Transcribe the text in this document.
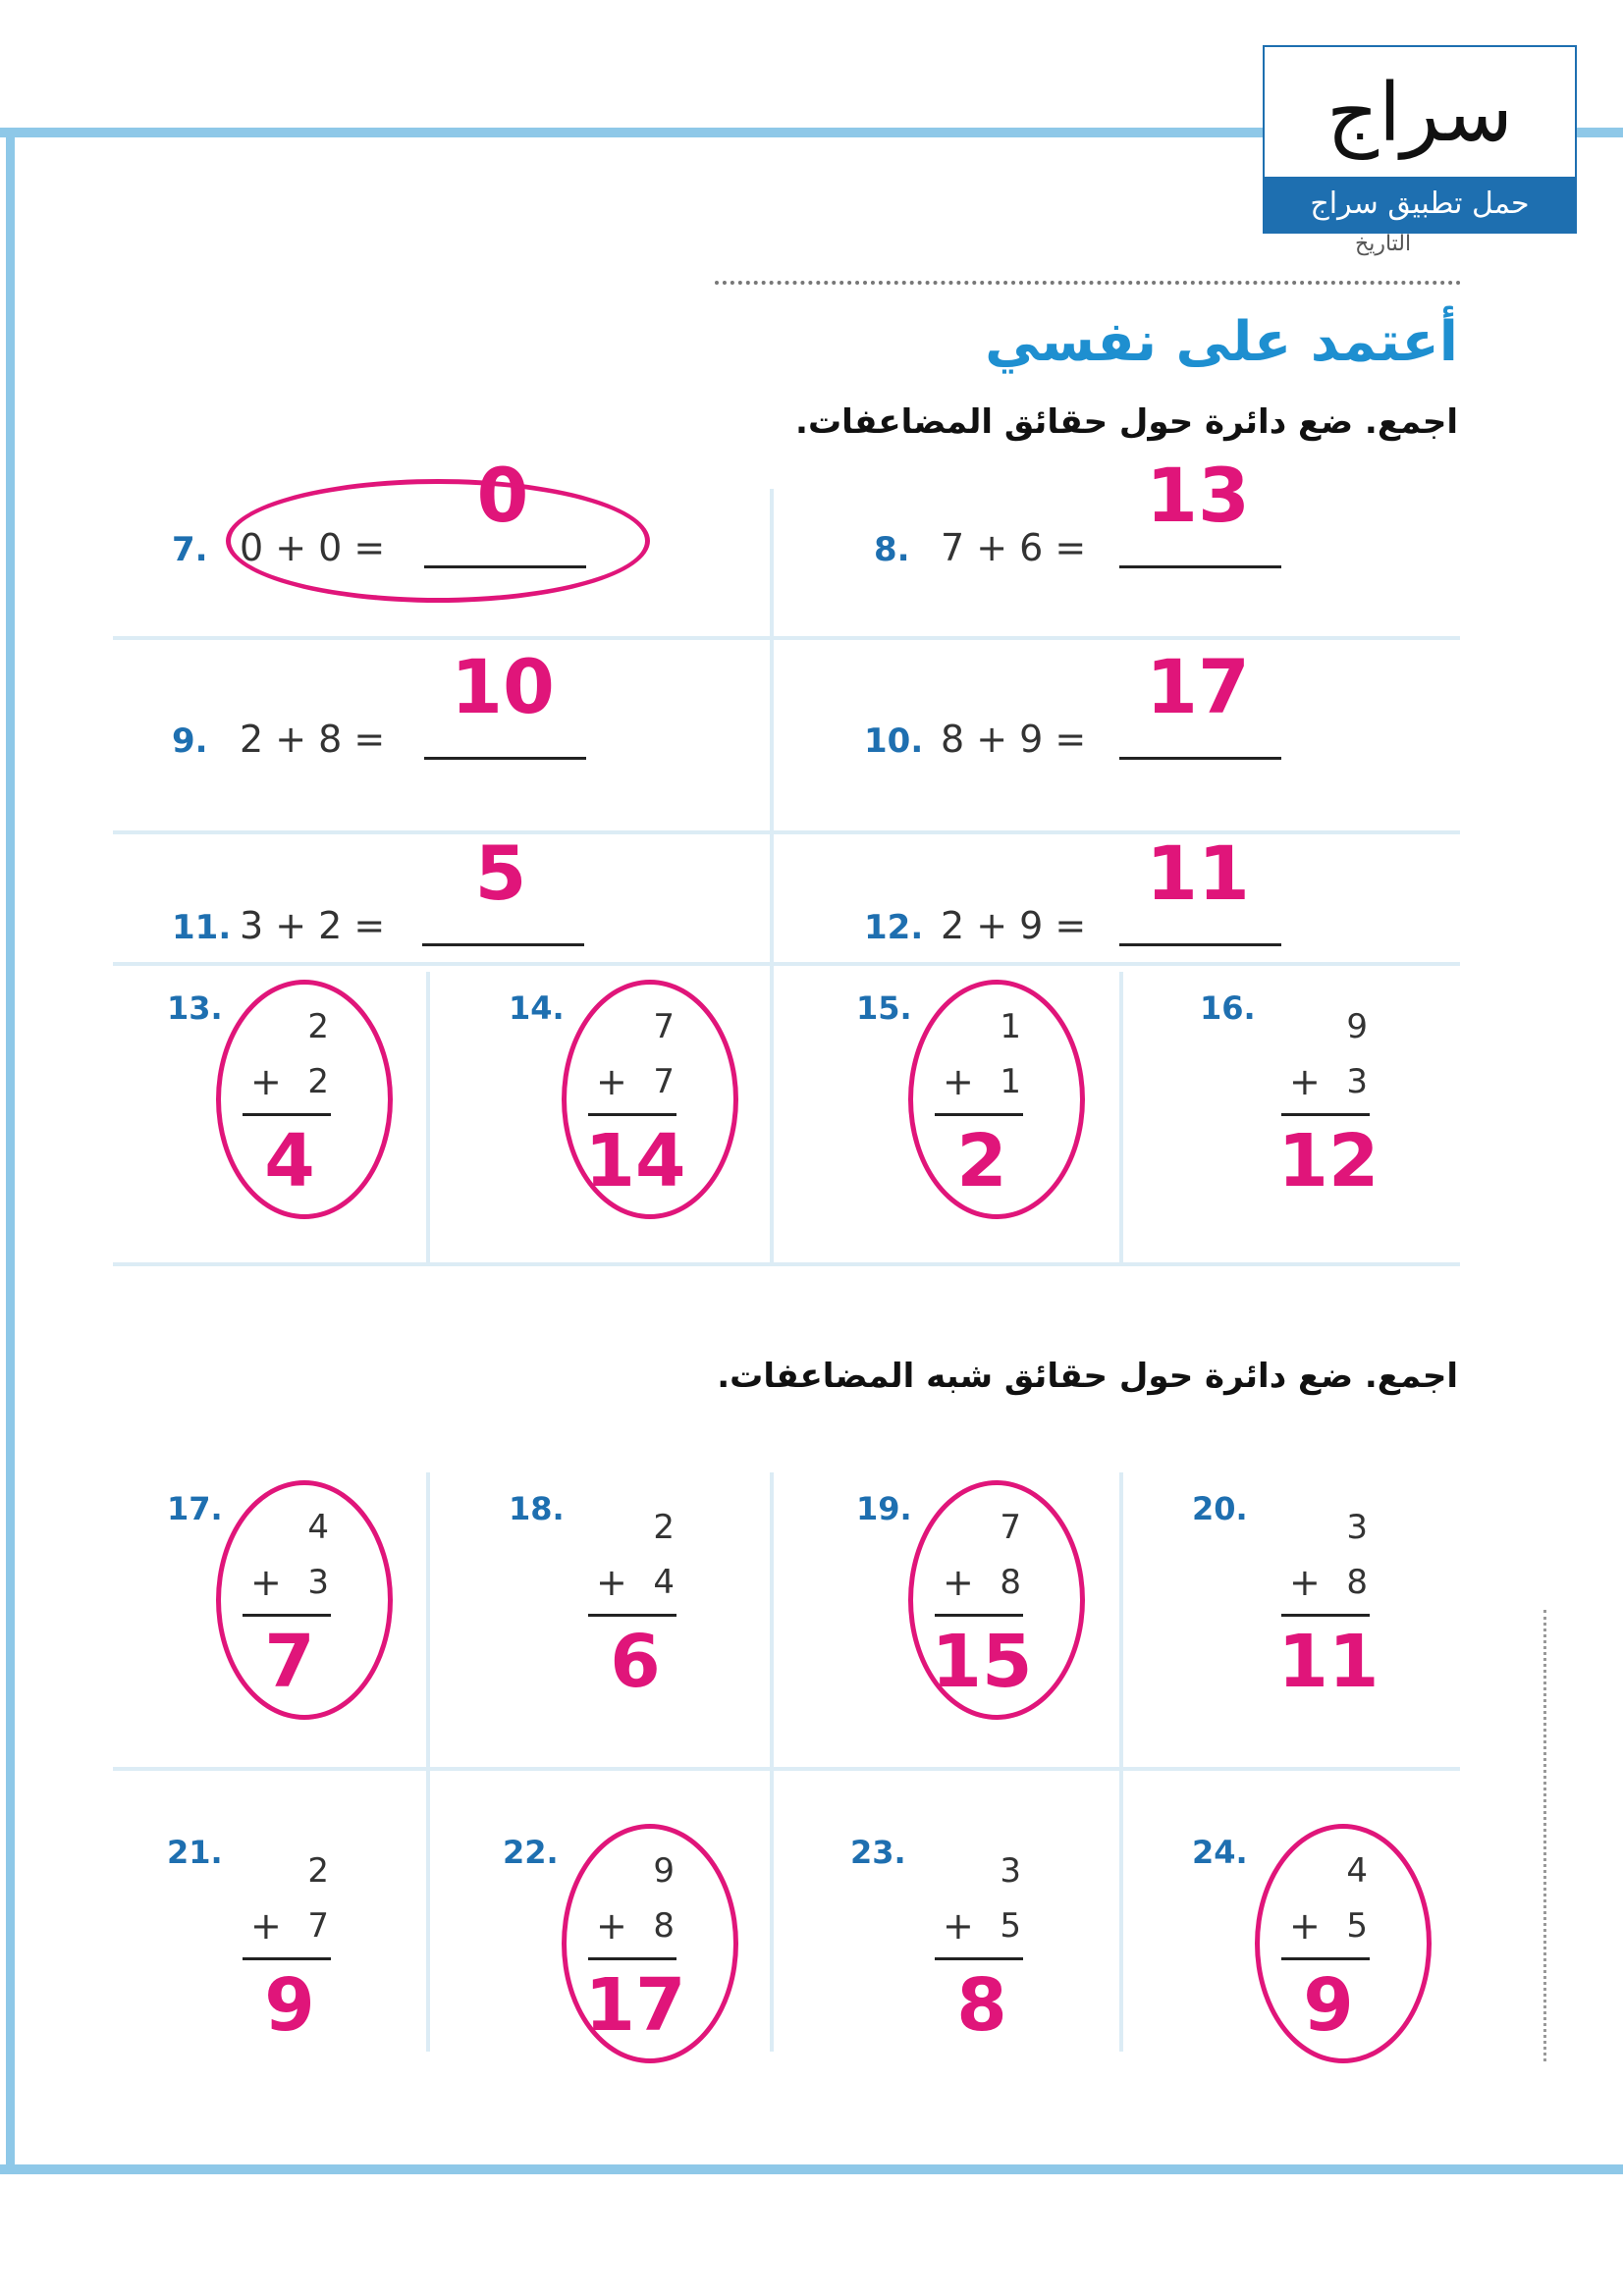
سراج
حمل تطبيق سراج
التاريخ
أعتمد على نفسي
اجمع. ضع دائرة حول حقائق المضاعفات.
اجمع. ضع دائرة حول حقائق شبه المضاعفات.
7. 0 + 0 =
0
8. 7 + 6 =
13
9. 2 + 8 =
10
10. 8 + 9 =
17
11. 3 + 2 =
5
12. 2 + 9 =
11
13.	2
+ 2
4
14.	7
+ 7
14
15.	1
+ 1
2
16.	9
+ 3
12
17.	4
+ 3
7
18.	2
+ 4
6
19.	7
+ 8
15
20.	3
+ 8
11
21.	2
+ 7
9
22.	9
+ 8
17
23.	3
+ 5
8
24.	4
+ 5
9
